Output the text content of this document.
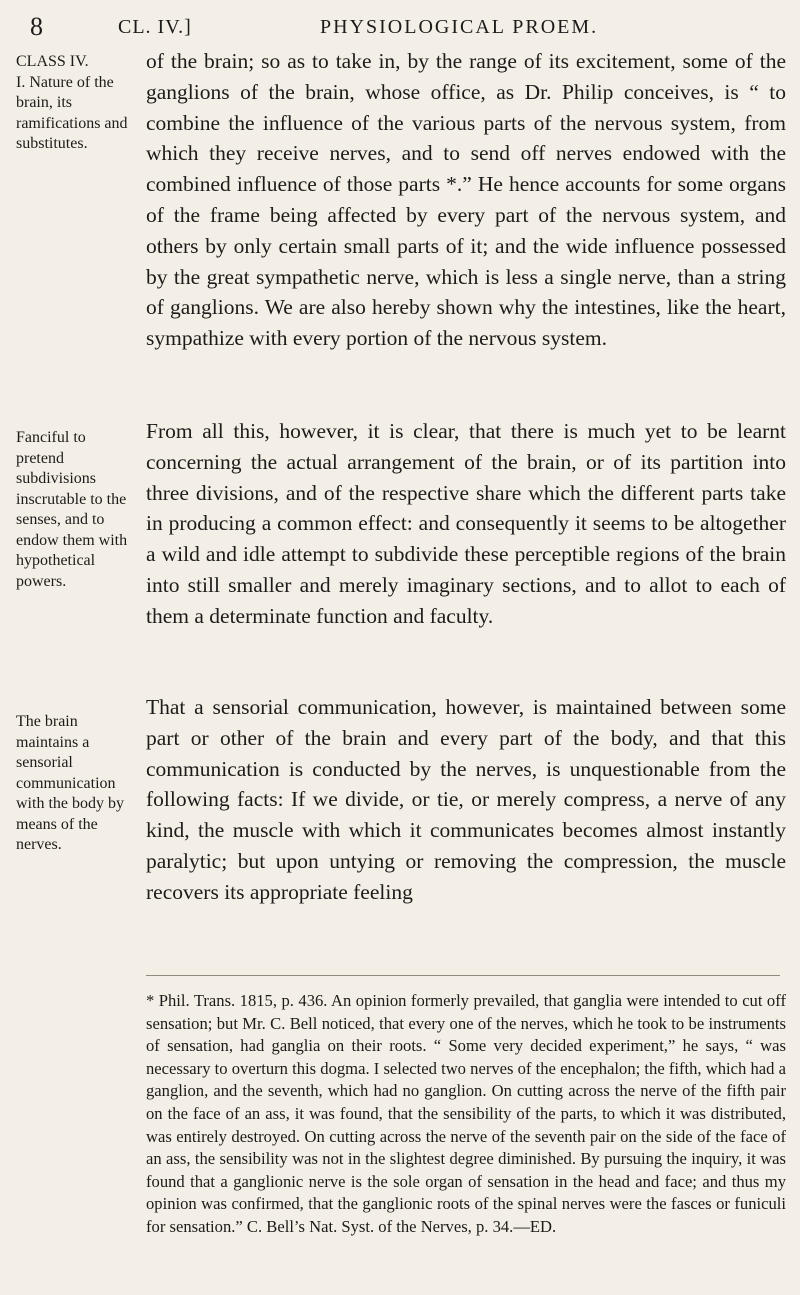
8	CL. IV.]	PHYSIOLOGICAL PROEM.
CLASS IV.
I. Nature of the brain, its ramifications and substitutes.
Fanciful to pretend subdivisions inscrutable to the senses, and to endow them with hypothetical powers.
The brain maintains a sensorial communication with the body by means of the nerves.

of the brain; so as to take in, by the range of its excitement, some of the ganglions of the brain, whose office, as Dr. Philip conceives, is “ to combine the influence of the various parts of the nervous system, from which they receive nerves, and to send off nerves endowed with the combined influence of those parts *.” He hence accounts for some organs of the frame being affected by every part of the nervous system, and others by only certain small parts of it; and the wide influence possessed by the great sympathetic nerve, which is less a single nerve, than a string of ganglions. We are also hereby shown why the intestines, like the heart, sympathize with every portion of the nervous system.

From all this, however, it is clear, that there is much yet to be learnt concerning the actual arrangement of the brain, or of its partition into three divisions, and of the respective share which the different parts take in producing a common effect: and consequently it seems to be altogether a wild and idle attempt to subdivide these perceptible regions of the brain into still smaller and merely imaginary sections, and to allot to each of them a determinate function and faculty.

That a sensorial communication, however, is maintained between some part or other of the brain and every part of the body, and that this communication is conducted by the nerves, is unquestionable from the following facts: If we divide, or tie, or merely compress, a nerve of any kind, the muscle with which it communicates becomes almost instantly paralytic; but upon untying or removing the compression, the muscle recovers its appropriate feeling

* Phil. Trans. 1815, p. 436. An opinion formerly prevailed, that ganglia were intended to cut off sensation; but Mr. C. Bell noticed, that every one of the nerves, which he took to be instruments of sensation, had ganglia on their roots. “ Some very decided experiment,” he says, “ was necessary to overturn this dogma. I selected two nerves of the encephalon; the fifth, which had a ganglion, and the seventh, which had no ganglion. On cutting across the nerve of the fifth pair on the face of an ass, it was found, that the sensibility of the parts, to which it was distributed, was entirely destroyed. On cutting across the nerve of the seventh pair on the side of the face of an ass, the sensibility was not in the slightest degree diminished. By pursuing the inquiry, it was found that a ganglionic nerve is the sole organ of sensation in the head and face; and thus my opinion was confirmed, that the ganglionic roots of the spinal nerves were the fasces or funiculi for sensation.” C. Bell’s Nat. Syst. of the Nerves, p. 34.—ED.
